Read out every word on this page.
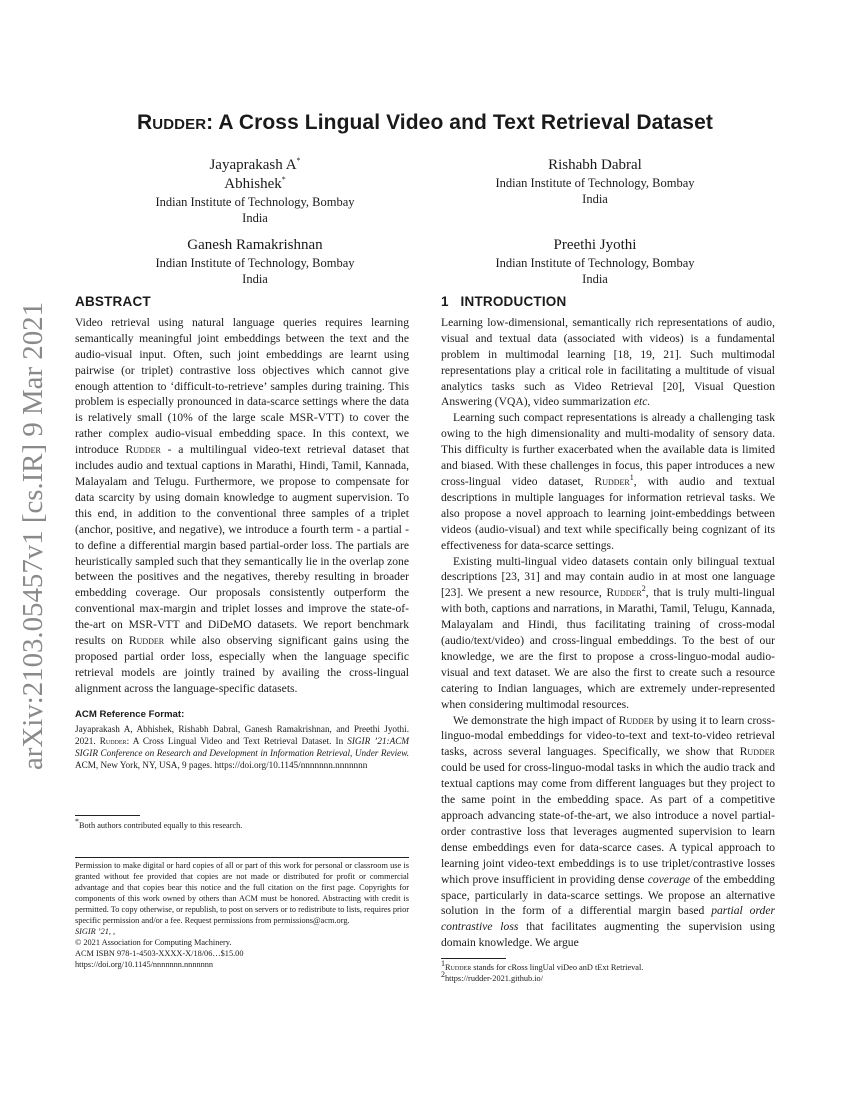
arXiv:2103.05457v1 [cs.IR] 9 Mar 2021
Rudder: A Cross Lingual Video and Text Retrieval Dataset
Jayaprakash A*
Abhishek*
Indian Institute of Technology, Bombay
India
Rishabh Dabral
Indian Institute of Technology, Bombay
India
Ganesh Ramakrishnan
Indian Institute of Technology, Bombay
India
Preethi Jyothi
Indian Institute of Technology, Bombay
India
ABSTRACT

Video retrieval using natural language queries requires learning semantically meaningful joint embeddings between the text and the audio-visual input. Often, such joint embeddings are learnt using pairwise (or triplet) contrastive loss objectives which cannot give enough attention to ‘difficult-to-retrieve’ samples during training. This problem is especially pronounced in data-scarce settings where the data is relatively small (10% of the large scale MSR-VTT) to cover the rather complex audio-visual embedding space. In this context, we introduce Rudder - a multilingual video-text retrieval dataset that includes audio and textual captions in Marathi, Hindi, Tamil, Kannada, Malayalam and Telugu. Furthermore, we propose to compensate for data scarcity by using domain knowledge to augment supervision. To this end, in addition to the conventional three samples of a triplet (anchor, positive, and negative), we introduce a fourth term - a partial - to define a differential margin based partial-order loss. The partials are heuristically sampled such that they semantically lie in the overlap zone between the positives and the negatives, thereby resulting in broader embedding coverage. Our proposals consistently outperform the conventional max-margin and triplet losses and improve the state-of-the-art on MSR-VTT and DiDeMO datasets. We report benchmark results on Rudder while also observing significant gains using the proposed partial order loss, especially when the language specific retrieval models are jointly trained by availing the cross-lingual alignment across the language-specific datasets.

ACM Reference Format:
Jayaprakash A, Abhishek, Rishabh Dabral, Ganesh Ramakrishnan, and Preethi Jyothi. 2021. Rudder: A Cross Lingual Video and Text Retrieval Dataset. In SIGIR ’21:ACM SIGIR Conference on Research and Development in Information Retrieval, Under Review. ACM, New York, NY, USA, 9 pages. https://doi.org/10.1145/nnnnnnn.nnnnnnn
*Both authors contributed equally to this research.
Permission to make digital or hard copies of all or part of this work for personal or classroom use is granted without fee provided that copies are not made or distributed for profit or commercial advantage and that copies bear this notice and the full citation on the first page. Copyrights for components of this work owned by others than ACM must be honored. Abstracting with credit is permitted. To copy otherwise, or republish, to post on servers or to redistribute to lists, requires prior specific permission and/or a fee. Request permissions from permissions@acm.org.
SIGIR ’21, ,
© 2021 Association for Computing Machinery.
ACM ISBN 978-1-4503-XXXX-X/18/06…$15.00
https://doi.org/10.1145/nnnnnnn.nnnnnnn
1   INTRODUCTION

Learning low-dimensional, semantically rich representations of audio, visual and textual data (associated with videos) is a fundamental problem in multimodal learning [18, 19, 21]. Such multimodal representations play a critical role in facilitating a multitude of visual analytics tasks such as Video Retrieval [20], Visual Question Answering (VQA), video summarization etc.

Learning such compact representations is already a challenging task owing to the high dimensionality and multi-modality of sensory data. This difficulty is further exacerbated when the available data is limited and biased. With these challenges in focus, this paper introduces a new cross-lingual video dataset, Rudder$^1$, with audio and textual descriptions in multiple languages for information retrieval tasks. We also propose a novel approach to learning joint-embeddings between videos (audio-visual) and text while specifically being cognizant of its effectiveness for data-scarce settings.

Existing multi-lingual video datasets contain only bilingual textual descriptions [23, 31] and may contain audio in at most one language [23]. We present a new resource, Rudder$^2$, that is truly multi-lingual with both, captions and narrations, in Marathi, Tamil, Telugu, Kannada, Malayalam and Hindi, thus facilitating training of cross-modal (audio/text/video) and cross-lingual embeddings. To the best of our knowledge, we are the first to propose a cross-linguo-modal audio-visual and text dataset. We are also the first to create such a resource catering to Indian languages, which are extremely under-represented when considering multimodal resources.

We demonstrate the high impact of Rudder by using it to learn cross-linguo-modal embeddings for video-to-text and text-to-video retrieval tasks, across several languages. Specifically, we show that Rudder could be used for cross-linguo-modal tasks in which the audio track and textual captions may come from different languages but they project to the same point in the embedding space. As part of a competitive approach advancing state-of-the-art, we also introduce a novel partial-order contrastive loss that leverages augmented supervision to learn dense embeddings even for data-scarce cases. A typical approach to learning joint video-text embeddings is to use triplet/contrastive losses which prove insufficient in providing dense coverage of the embedding space, particularly in data-scarce settings. We propose an alternative solution in the form of a differential margin based partial order contrastive loss that facilitates augmenting the supervision using domain knowledge. We argue

$^1$Rudder stands for cRoss lingUal viDeo anD tExt Retrieval.
$^2$https://rudder-2021.github.io/
